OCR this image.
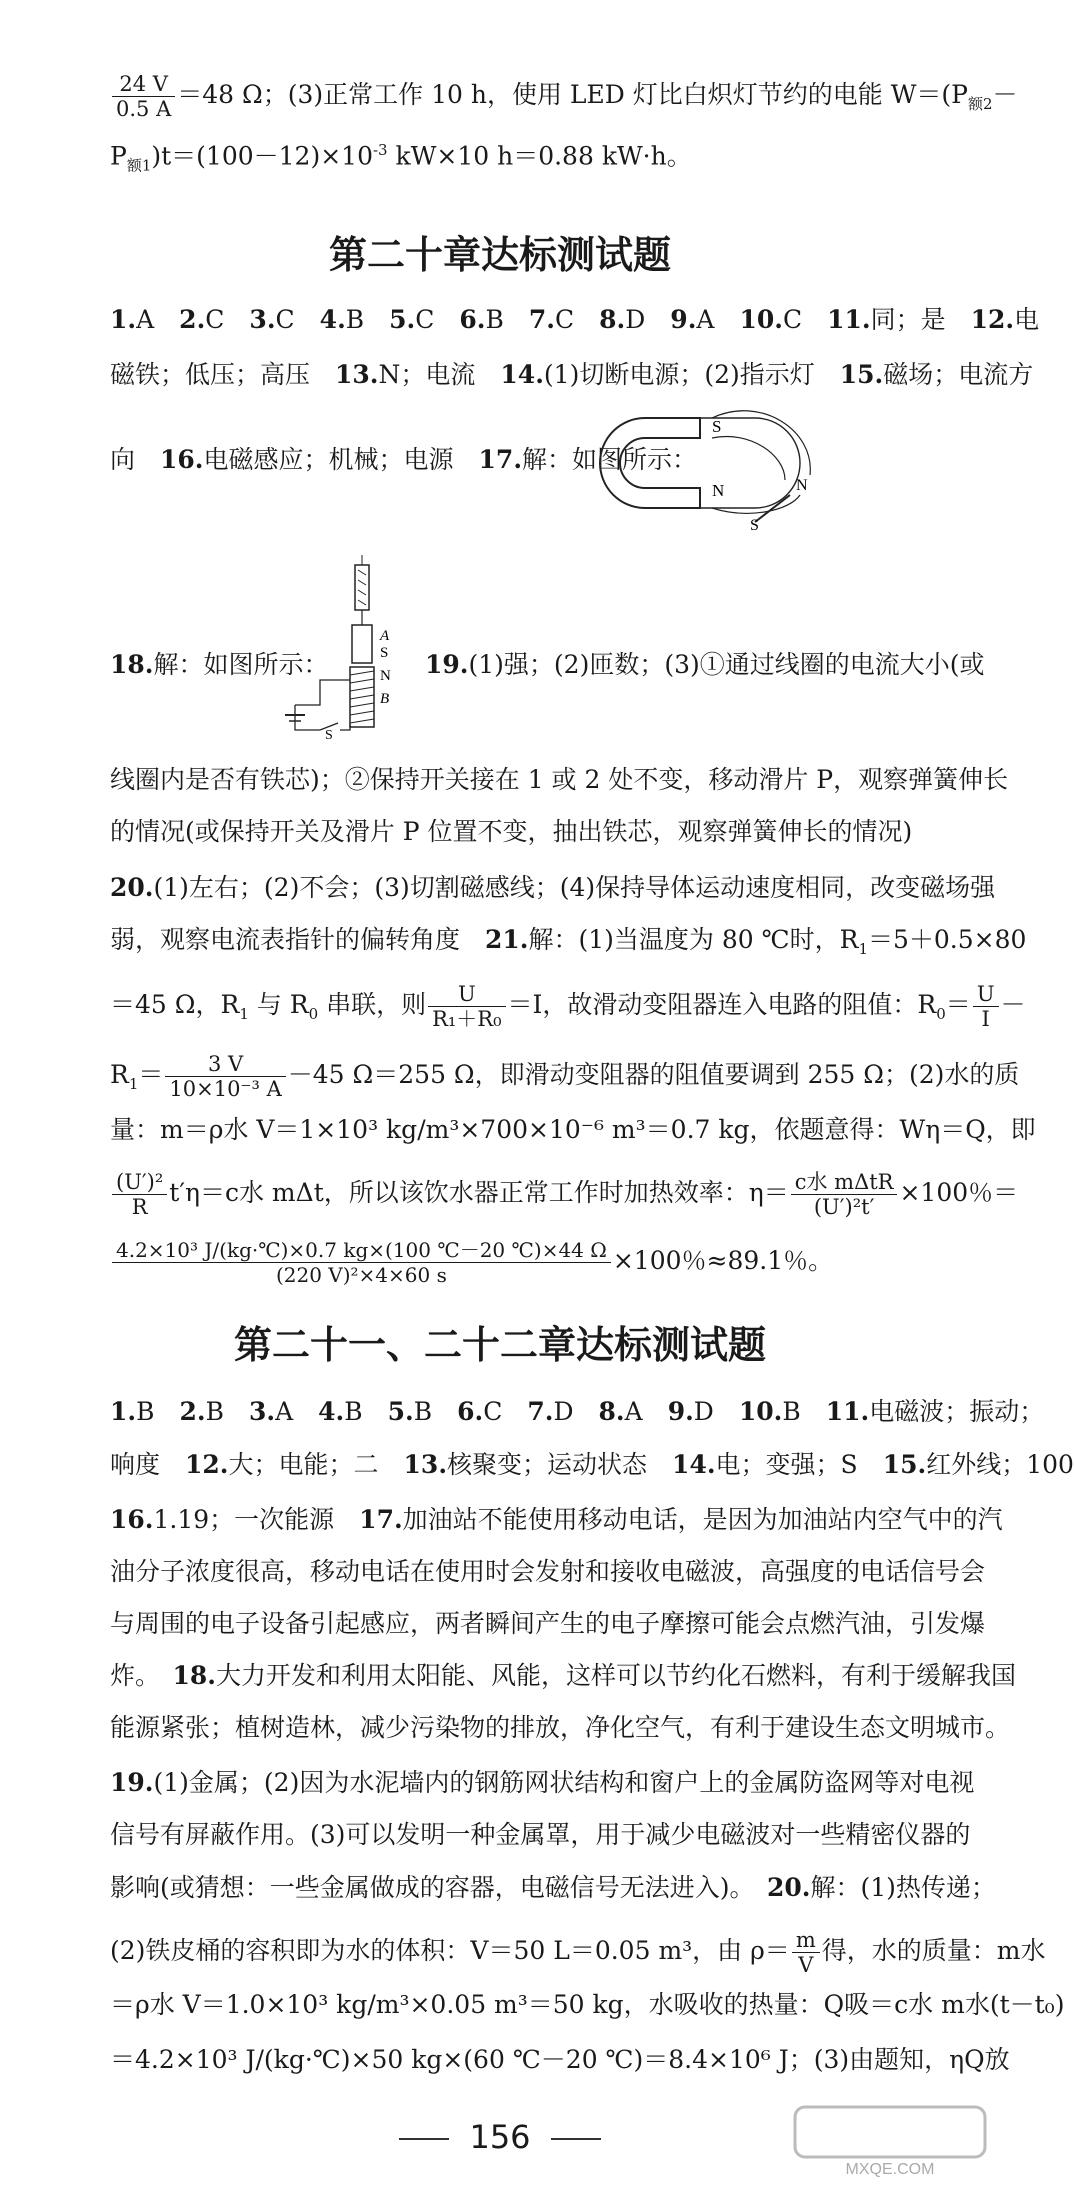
$\frac{24 V}{0.5 A} =48$ Ω；(3)正常工作 10 h，使用 LED 灯比白炽灯节约的电能 $W=(P_{额2}-$
$P_{额1})t=(100-12)\times 10^{-3}$ kW×10 h＝0.88 kW·h。
第二十章达标测试题
1.A　2.C　3.C　4.B　5.C　6.B　7.C　8.D　9.A　10.C　11.同；是　12.电
磁铁；低压；高压　13.N；电流　14.(1)切断电源；(2)指示灯　15.磁场；电流方
向　16.电磁感应；机械；电源　17.解：如图所示：
S
N	N
S
A
S
N
B
S
18.解：如图所示：	19.(1)强；(2)匝数；(3)①通过线圈的电流大小(或
线圈内是否有铁芯)；②保持开关接在 1 或 2 处不变，移动滑片 P，观察弹簧伸长
的情况(或保持开关及滑片 P 位置不变，抽出铁芯，观察弹簧伸长的情况)
20.(1)左右；(2)不会；(3)切割磁感线；(4)保持导体运动速度相同，改变磁场强
弱，观察电流表指针的偏转角度　21.解：(1)当温度为 80 ℃时，$R_1=5+0.5\times 80$
＝45 Ω，$R_1$ 与 $R_0$ 串联，则 $\frac{U}{\text{R₁＋R₀}} =I$，故滑动变阻器连入电路的阻值：$R_0= \frac{U}{I}$ －
$R_1= \frac{3 V}{\text{10×10⁻³ A}} -45$ Ω＝255 Ω，即滑动变阻器的阻值要调到 255 Ω；(2)水的质
量：m＝ρ水 V＝1×10³ kg/m³×700×10⁻⁶ m³＝0.7 kg，依题意得：Wη＝Q，即
$\frac{\text{(U′)²}}{R} t'\eta=c$水 mΔt，所以该饮水器正常工作时加热效率：$\eta= \frac{\text{c水 mΔtR}}{\text{(U′)²t′}} \times 100$％＝
$\frac{\text{4.2×10³ J/(kg·℃)×0.7 kg×(100 ℃－20 ℃)×44 Ω}}{\text{(220 V)²×4×60 s}} \times 100$％≈89.1％。
第二十一、二十二章达标测试题
1.B　2.B　3.A　4.B　5.B　6.C　7.D　8.A　9.D　10.B　11.电磁波；振动；
响度　12.大；电能；二　13.核聚变；运动状态　14.电；变强；S　15.红外线；100
16.1.19；一次能源　17.加油站不能使用移动电话，是因为加油站内空气中的汽
油分子浓度很高，移动电话在使用时会发射和接收电磁波，高强度的电话信号会
与周围的电子设备引起感应，两者瞬间产生的电子摩擦可能会点燃汽油，引发爆
炸。　18.大力开发和利用太阳能、风能，这样可以节约化石燃料，有利于缓解我国
能源紧张；植树造林，减少污染物的排放，净化空气，有利于建设生态文明城市。
19.(1)金属；(2)因为水泥墙内的钢筋网状结构和窗户上的金属防盗网等对电视
信号有屏蔽作用。(3)可以发明一种金属罩，用于减少电磁波对一些精密仪器的
影响(或猜想：一些金属做成的容器，电磁信号无法进入)。　20.解：(1)热传递；
(2)铁皮桶的容积即为水的体积：V＝50 L＝0.05 m³，由 $\rho= \frac{m}{V}$ 得，水的质量：m水
＝ρ水 V＝1.0×10³ kg/m³×0.05 m³＝50 kg，水吸收的热量：Q吸＝c水 m水(t－t₀)
＝4.2×10³ J/(kg·℃)×50 kg×(60 ℃－20 ℃)＝8.4×10⁶ J；(3)由题知，ηQ放
156
MXQE.COM
